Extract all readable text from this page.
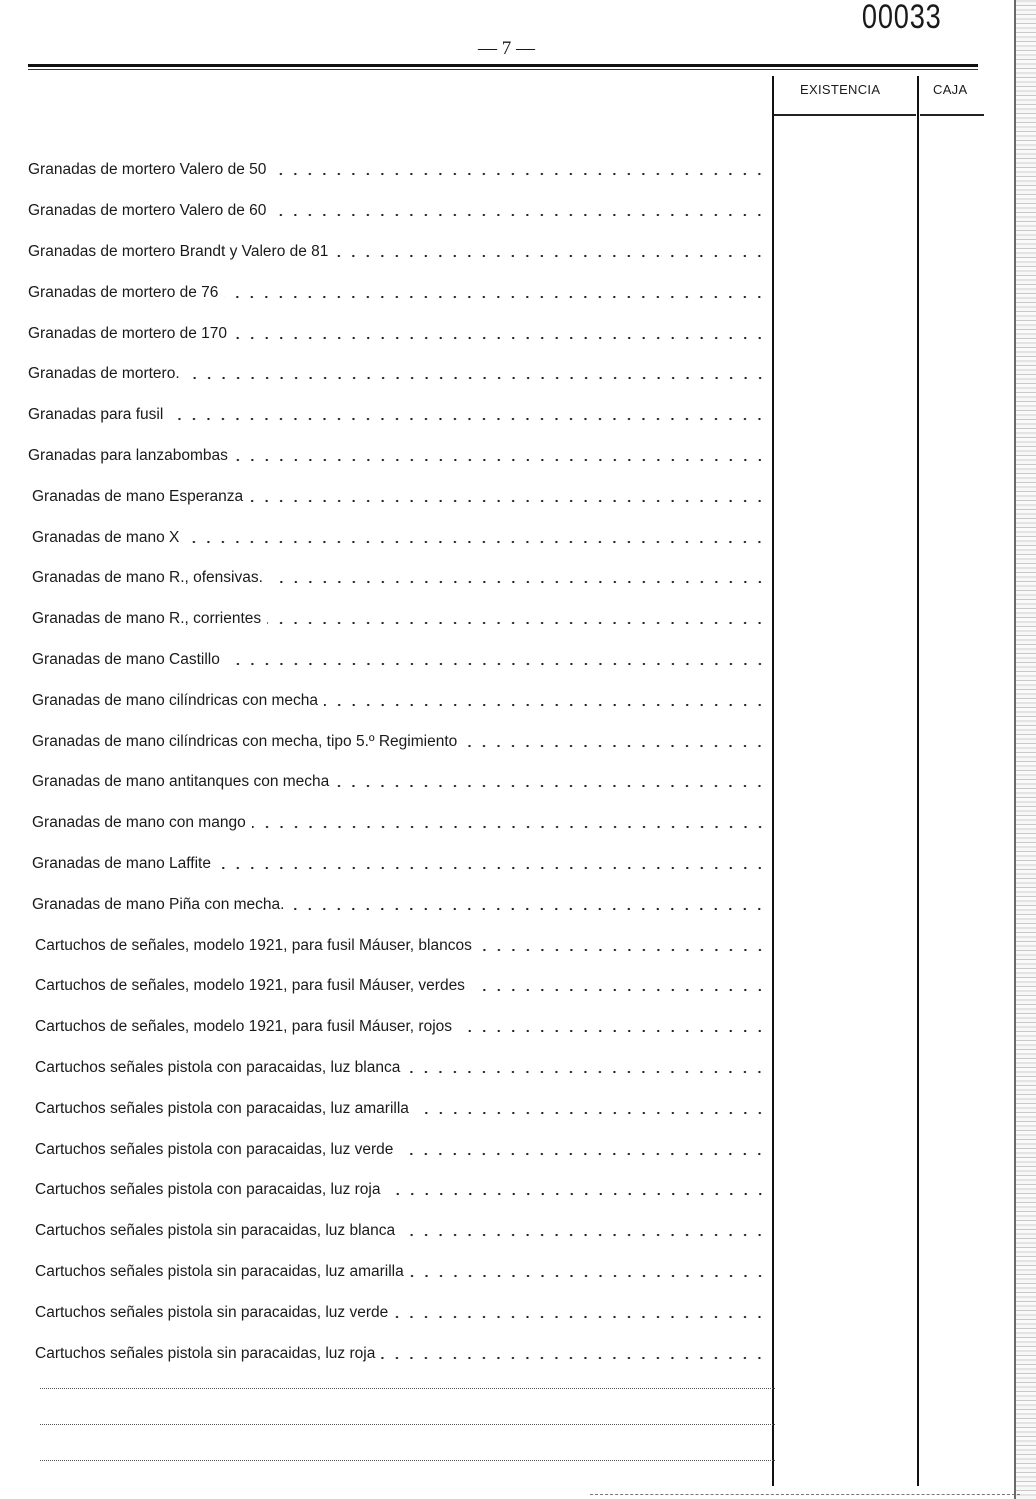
00033
— 7 —
EXISTENCIA	CAJA
Granadas de mortero Valero de 50
Granadas de mortero Valero de 60
Granadas de mortero Brandt y Valero de 81
Granadas de mortero de 76
Granadas de mortero de 170
Granadas de mortero.
Granadas para fusil
Granadas para lanzabombas
Granadas de mano Esperanza
Granadas de mano X
Granadas de mano R., ofensivas.
Granadas de mano R., corrientes
Granadas de mano Castillo
Granadas de mano cilíndricas con mecha
Granadas de mano cilíndricas con mecha, tipo 5.º Regimiento
Granadas de mano antitanques con mecha
Granadas de mano con mango
Granadas de mano Laffite
Granadas de mano Piña con mecha.
Cartuchos de señales, modelo 1921, para fusil Máuser, blancos
Cartuchos de señales, modelo 1921, para fusil Máuser, verdes
Cartuchos de señales, modelo 1921, para fusil Máuser, rojos
Cartuchos señales pistola con paracaidas, luz blanca
Cartuchos señales pistola con paracaidas, luz amarilla
Cartuchos señales pistola con paracaidas, luz verde
Cartuchos señales pistola con paracaidas, luz roja
Cartuchos señales pistola sin paracaidas, luz blanca
Cartuchos señales pistola sin paracaidas, luz amarilla
Cartuchos señales pistola sin paracaidas, luz verde
Cartuchos señales pistola sin paracaidas, luz roja
